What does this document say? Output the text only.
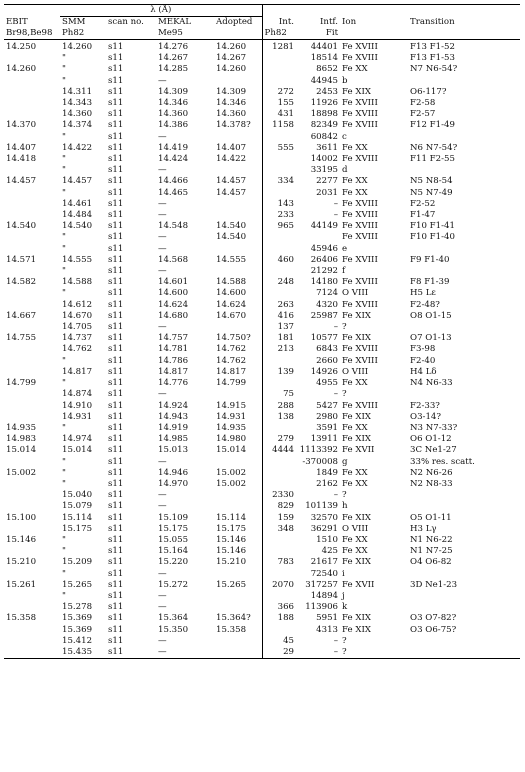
	λ (Å)							
EBIT	SMM	scan no.	MEKAL	Adopted	Int.	Intf.	Ion	Transition
Br98,Be98	Ph82		Me95		Ph82	Fit		
14.250	14.260	s11	14.276	14.260	1281	44401	Fe XVIII	F13 F1-52
	"	s11	14.267	14.267		18514	Fe XVIII	F13 F1-53
14.260	"	s11	14.285	14.260		8652	Fe XX	N7 N6-54?
	"	s11	—			44945	b	
	14.311	s11	14.309	14.309	272	2453	Fe XIX	O6-117?
	14.343	s11	14.346	14.346	155	11926	Fe XVIII	F2-58
	14.360	s11	14.360	14.360	431	18898	Fe XVIII	F2-57
14.370	14.374	s11	14.386	14.378?	1158	82349	Fe XVIII	F12 F1-49
	"	s11	—			60842	c	
14.407	14.422	s11	14.419	14.407	555	3611	Fe XX	N6 N7-54?
14.418	"	s11	14.424	14.422		14002	Fe XVIII	F11 F2-55
	"	s11	—			33195	d	
14.457	14.457	s11	14.466	14.457	334	2277	Fe XX	N5 N8-54
	"	s11	14.465	14.457		2031	Fe XX	N5 N7-49
	14.461	s11	—		143	–	Fe XVIII	F2-52
	14.484	s11	—		233	–	Fe XVIII	F1-47
14.540	14.540	s11	14.548	14.540	965	44149	Fe XVIII	F10 F1-41
	"	s11	—	14.540			Fe XVIII	F10 F1-40
	"	s11	—			45946	e	
14.571	14.555	s11	14.568	14.555	460	26406	Fe XVIII	F9 F1-40
	"	s11	—			21292	f	
14.582	14.588	s11	14.601	14.588	248	14180	Fe XVIII	F8 F1-39
	"	s11	14.600	14.600		7124	O VIII	H5 Lε
	14.612	s11	14.624	14.624	263	4320	Fe XVIII	F2-48?
14.667	14.670	s11	14.680	14.670	416	25987	Fe XIX	O8 O1-15
	14.705	s11	—		137	–	?	
14.755	14.737	s11	14.757	14.750?	181	10577	Fe XIX	O7 O1-13
	14.762	s11	14.781	14.762	213	6843	Fe XVIII	F3-98
	"	s11	14.786	14.762		2660	Fe XVIII	F2-40
	14.817	s11	14.817	14.817	139	14926	O VIII	H4 Lδ
14.799	"	s11	14.776	14.799		4955	Fe XX	N4 N6-33
	14.874	s11	—		75	–	?	
	14.910	s11	14.924	14.915	288	5427	Fe XVIII	F2-33?
	14.931	s11	14.943	14.931	138	2980	Fe XIX	O3-14?
14.935	"	s11	14.919	14.935		3591	Fe XX	N3 N7-33?
14.983	14.974	s11	14.985	14.980	279	13911	Fe XIX	O6 O1-12
15.014	15.014	s11	15.013	15.014	4444	1113392	Fe XVII	3C Ne1-27
	"	s11	—			-370008	g	33% res. scatt.
15.002	"	s11	14.946	15.002		1849	Fe XX	N2 N6-26
	"	s11	14.970	15.002		2162	Fe XX	N2 N8-33
	15.040	s11	—		2330	–	?	
	15.079	s11	—		829	101139	h	
15.100	15.114	s11	15.109	15.114	159	32570	Fe XIX	O5 O1-11
	15.175	s11	15.175	15.175	348	36291	O VIII	H3 Lγ
15.146	"	s11	15.055	15.146		1510	Fe XX	N1 N6-22
	"	s11	15.164	15.146		425	Fe XX	N1 N7-25
15.210	15.209	s11	15.220	15.210	783	21617	Fe XIX	O4 O6-82
	"	s11	—			72540	i	
15.261	15.265	s11	15.272	15.265	2070	317257	Fe XVII	3D Ne1-23
	"	s11	—			14894	j	
	15.278	s11	—		366	113906	k	
15.358	15.369	s11	15.364	15.364?	188	5951	Fe XIX	O3 O7-82?
	15.369	s11	15.350	15.358		4313	Fe XIX	O3 O6-75?
	15.412	s11	—		45	–	?	
	15.435	s11	—		29	–	?	
